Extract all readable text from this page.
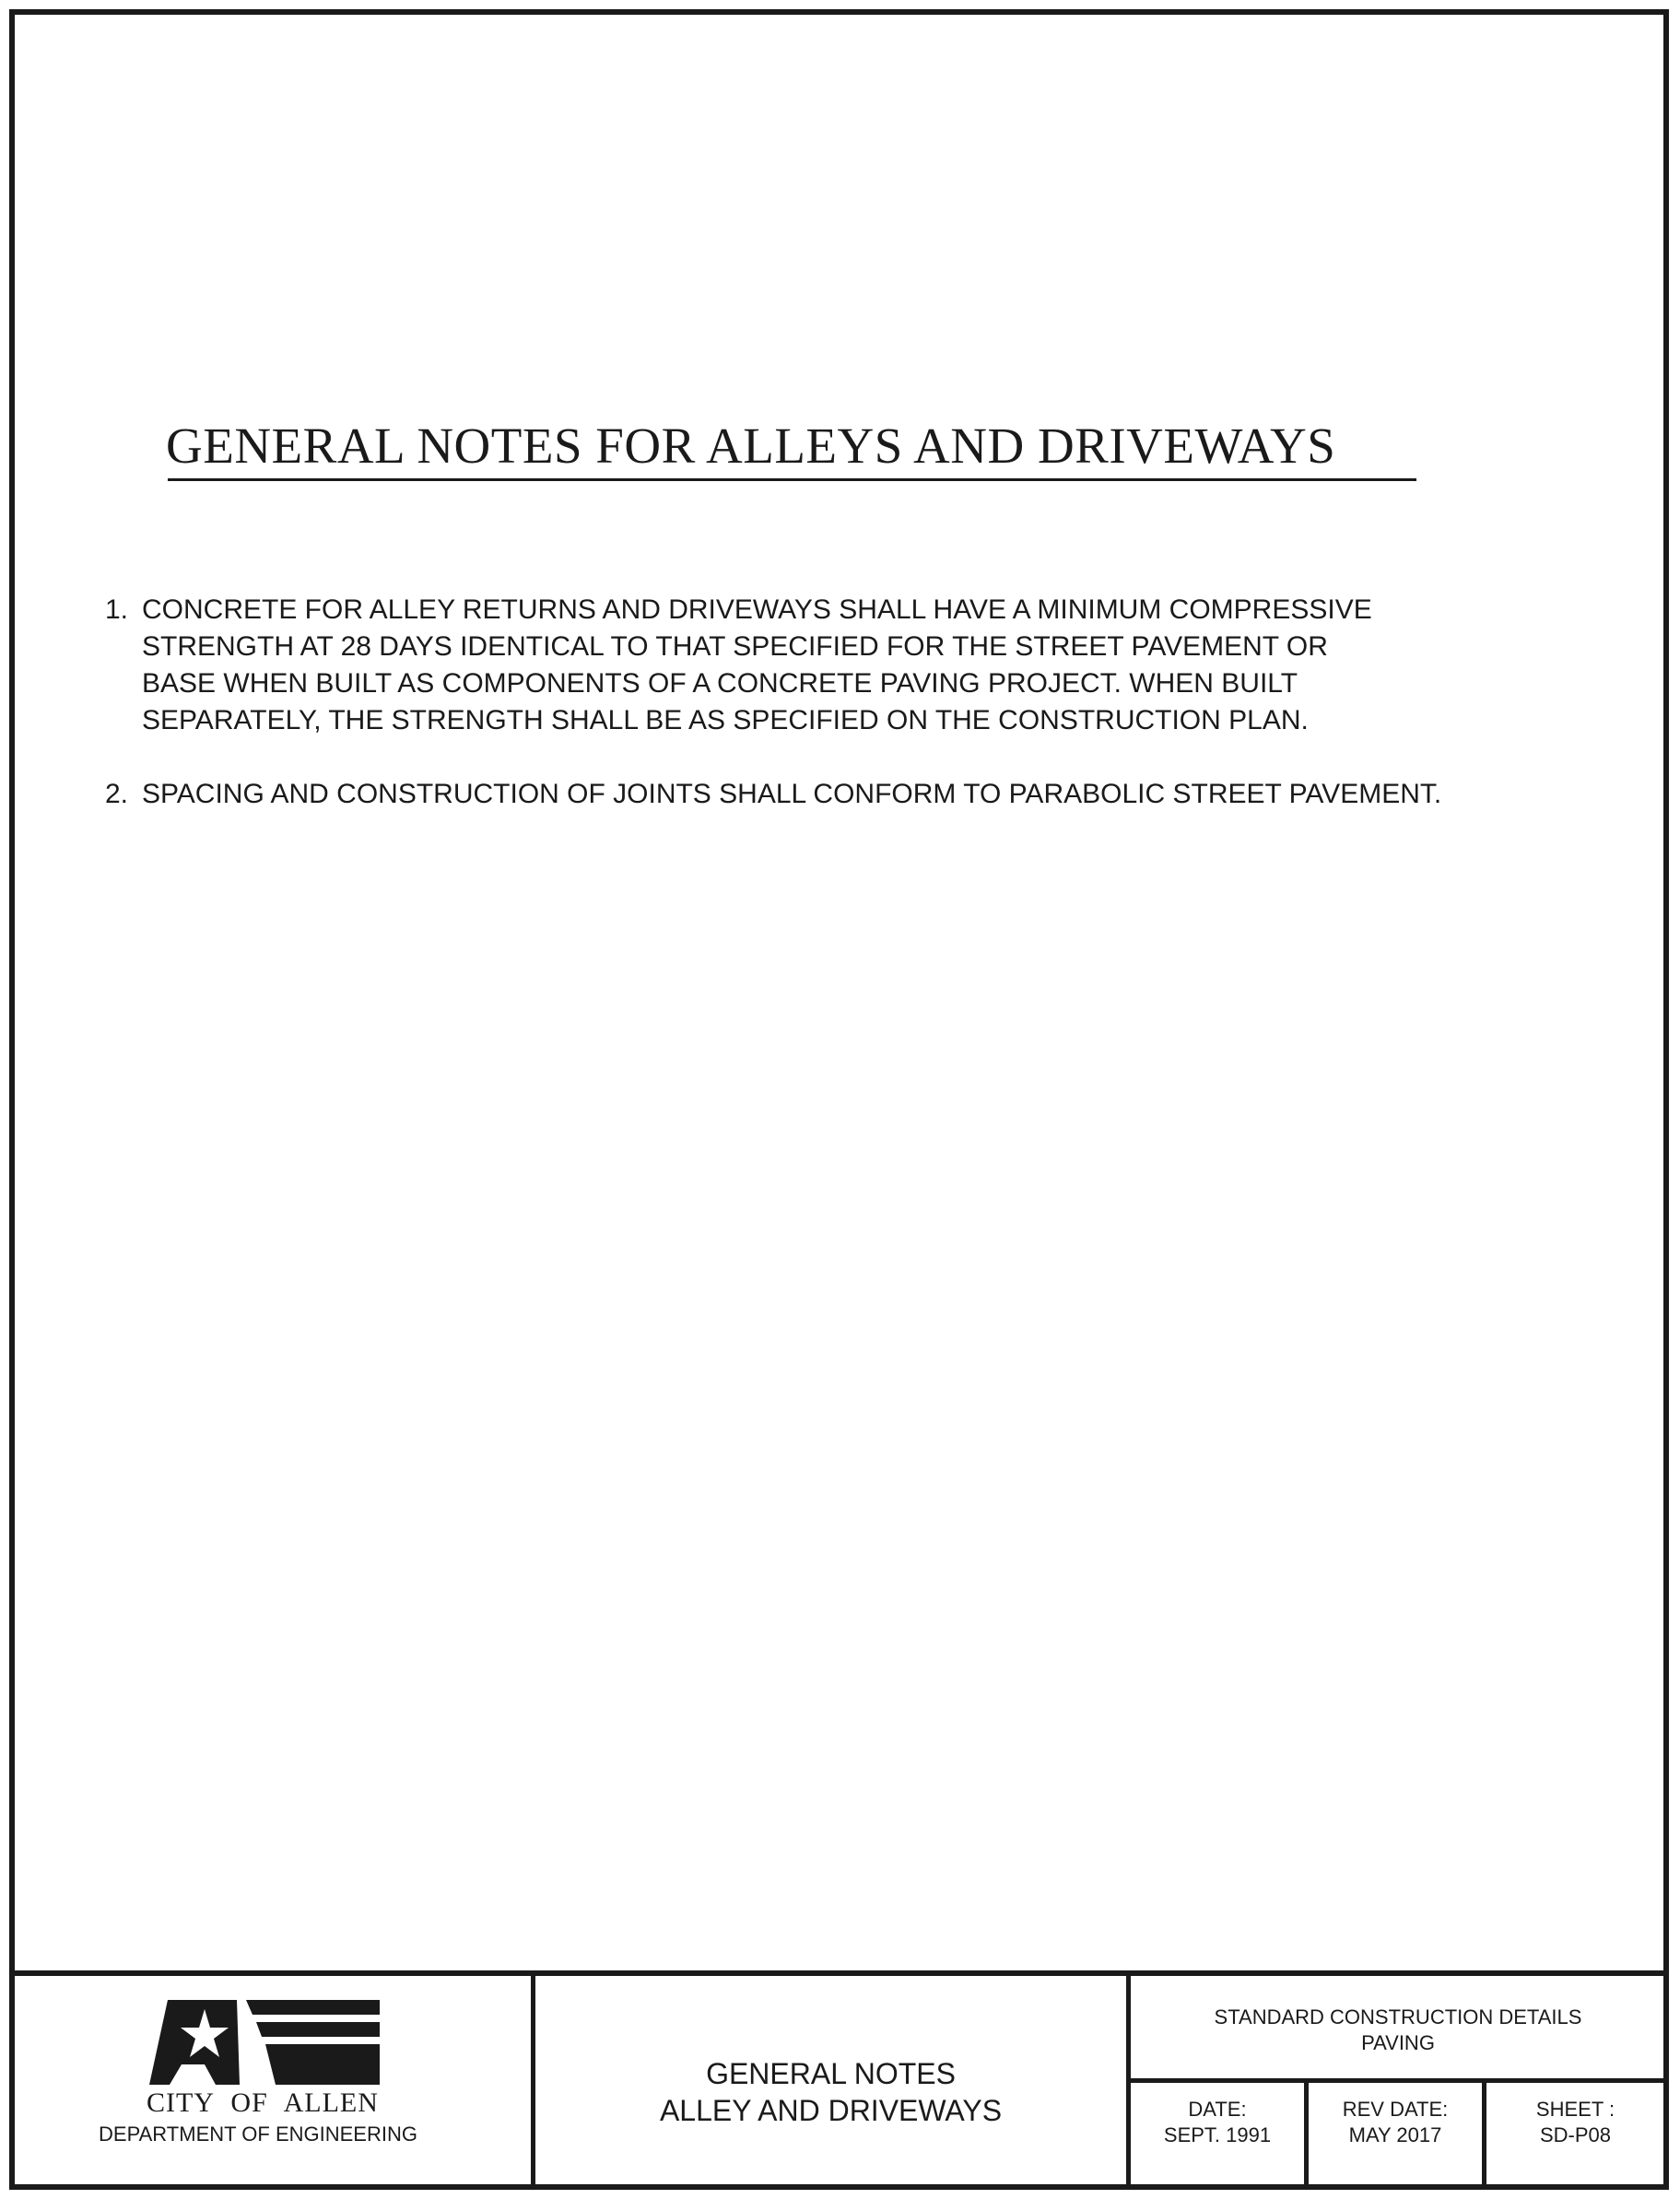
GENERAL NOTES FOR ALLEYS AND DRIVEWAYS
1. CONCRETE FOR ALLEY RETURNS AND DRIVEWAYS SHALL HAVE A MINIMUM COMPRESSIVE
STRENGTH AT 28 DAYS IDENTICAL TO THAT SPECIFIED FOR THE STREET PAVEMENT OR
BASE WHEN BUILT AS COMPONENTS OF A CONCRETE PAVING PROJECT. WHEN BUILT
SEPARATELY, THE STRENGTH SHALL BE AS SPECIFIED ON THE CONSTRUCTION PLAN.
2. SPACING AND CONSTRUCTION OF JOINTS SHALL CONFORM TO PARABOLIC STREET PAVEMENT.
CITY OF ALLEN
DEPARTMENT OF ENGINEERING
GENERAL NOTES
ALLEY AND DRIVEWAYS
STANDARD CONSTRUCTION DETAILS
PAVING
DATE:
SEPT. 1991
REV DATE:
MAY 2017
SHEET :
SD-P08
